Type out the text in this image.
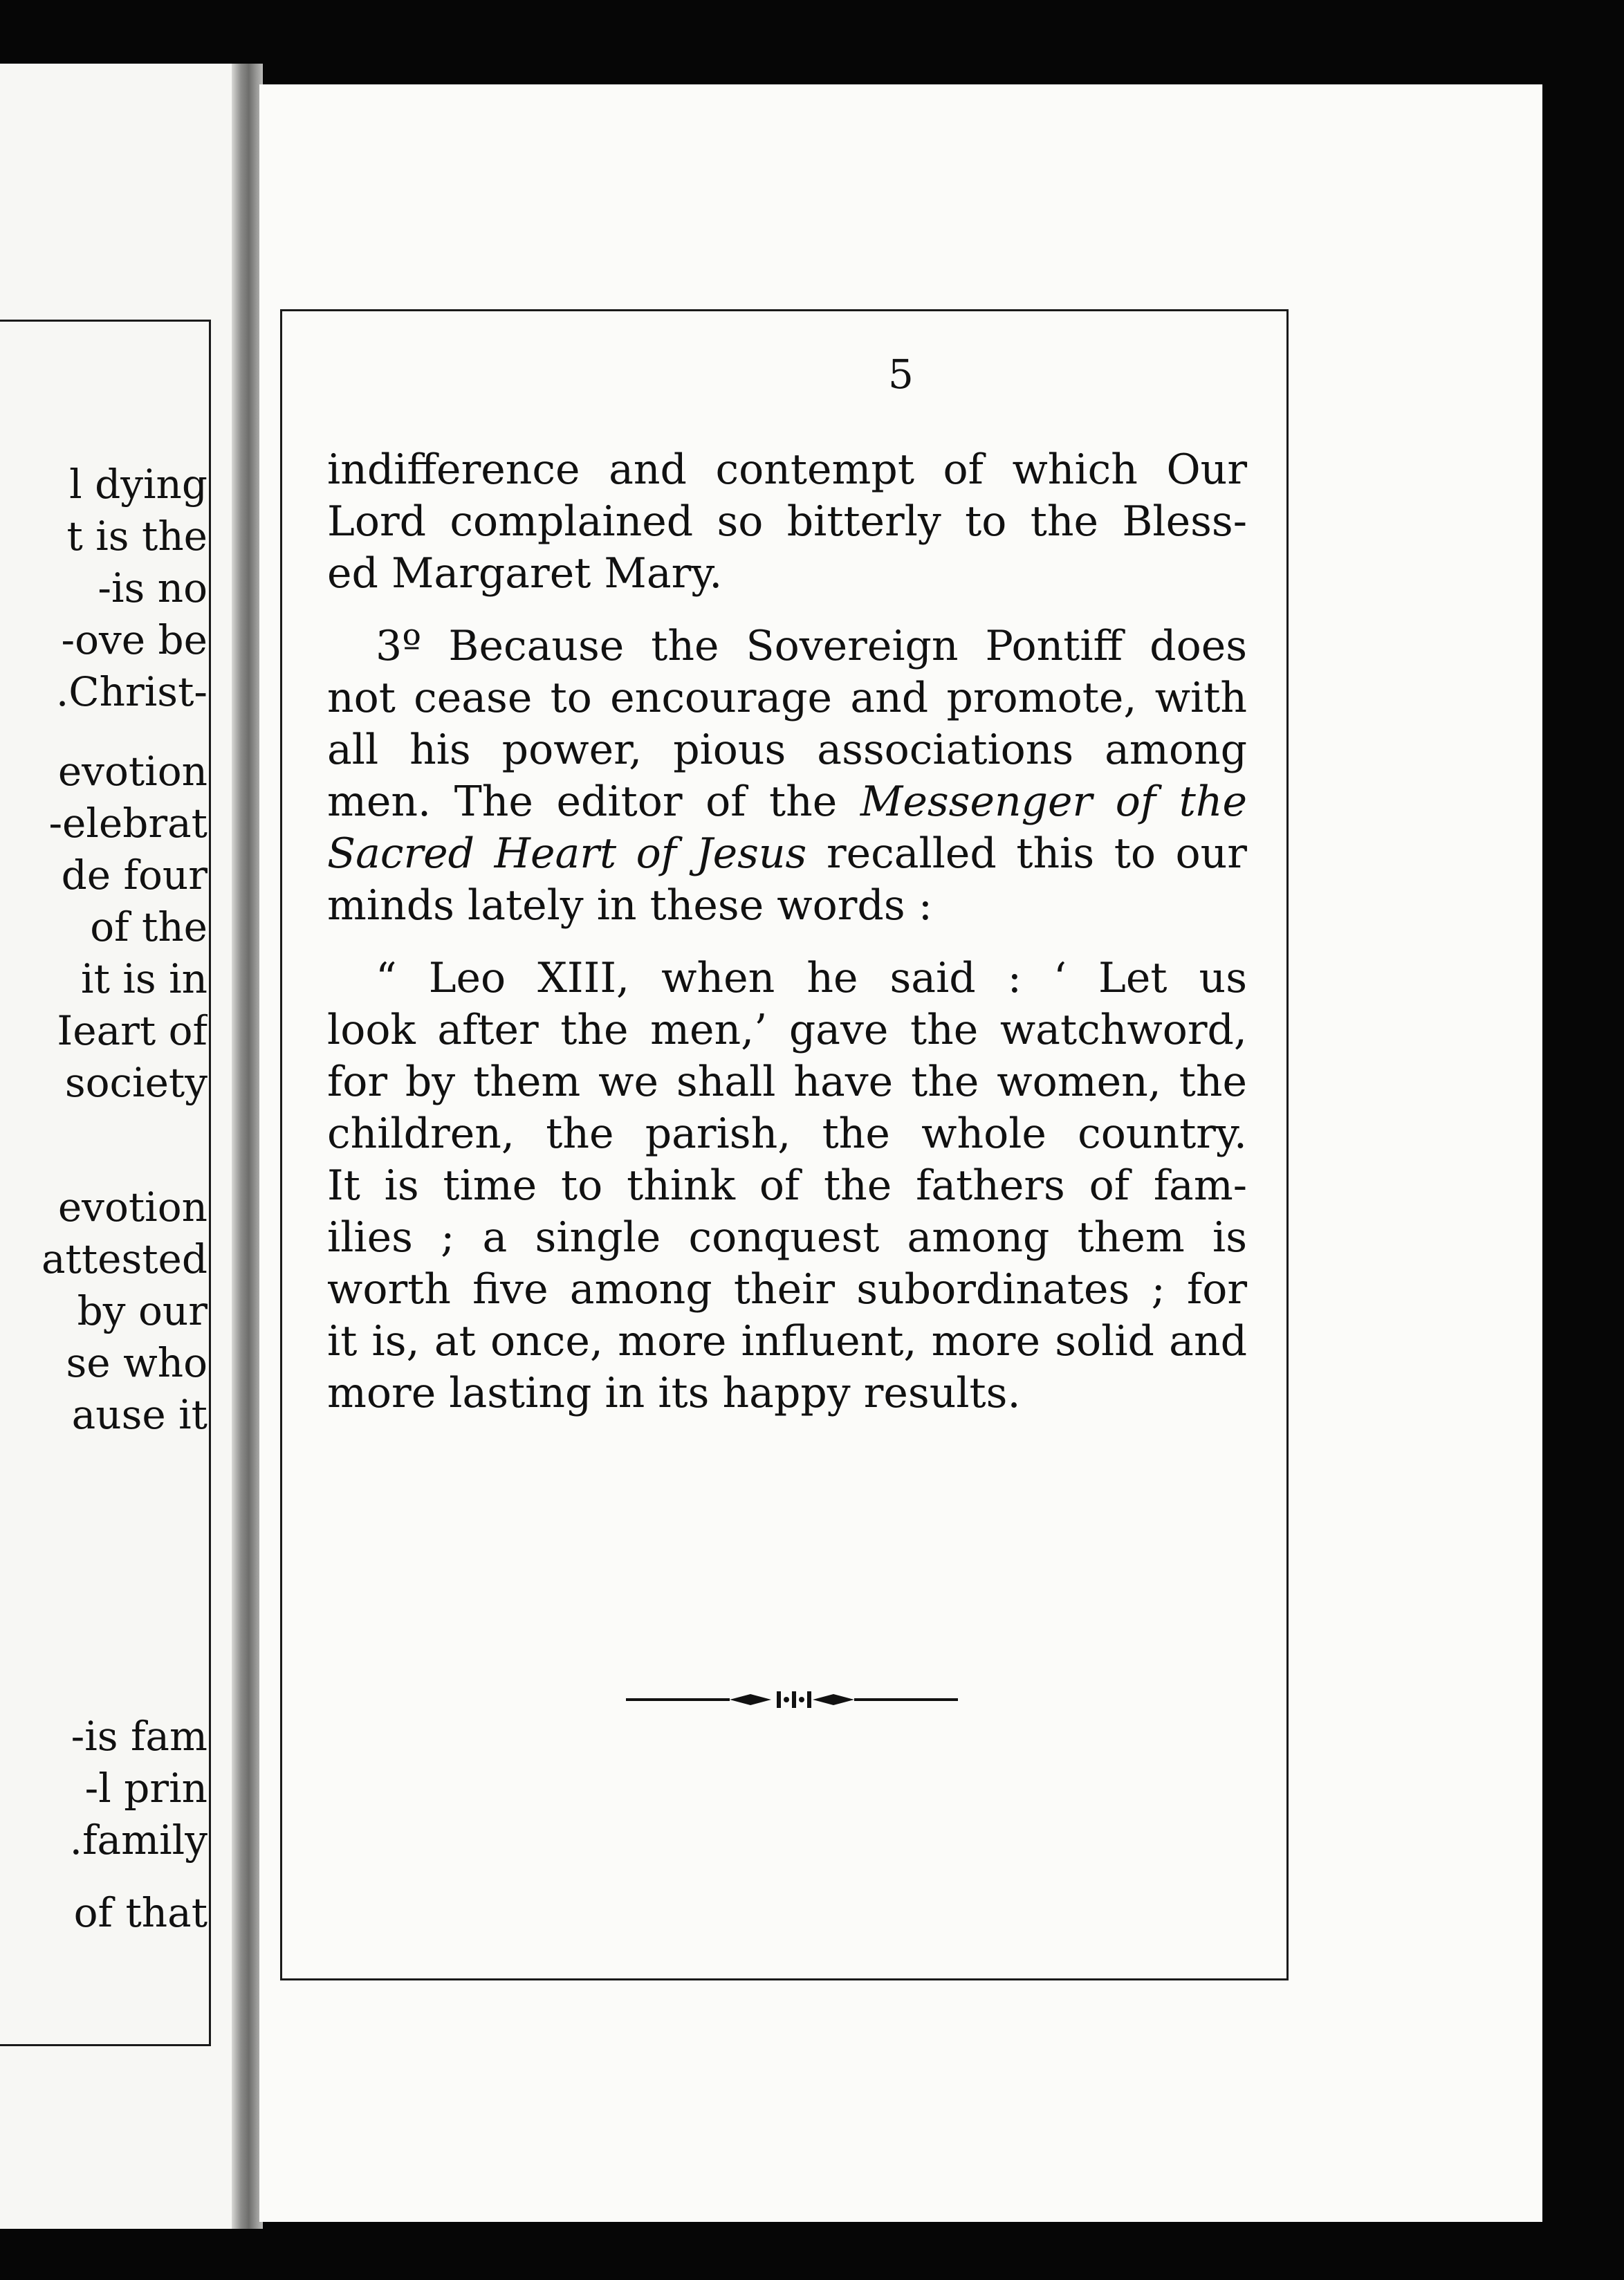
l dying
t is the
is no-
ove be-
-Christ.
evotion
elebrat-
de four
of the
it is in
Ieart of
society
evotion
attested
by our
se who
ause it
is fam-
l prin-
family.
of that
5
indifference and contempt of which Our
Lord complained so bitterly to the Bless-
ed Margaret Mary.
3º Because the Sovereign Pontiff does
not cease to encourage and promote, with
all his power, pious associations among
men. The editor of the Messenger of the
Sacred Heart of Jesus recalled this to our
minds lately in these words :
“ Leo XIII, when he said : ‘ Let us
look after the men,’ gave the watchword,
for by them we shall have the women, the
children, the parish, the whole country.
It is time to think of the fathers of fam-
ilies ; a single conquest among them is
worth five among their subordinates ; for
it is, at once, more influent, more solid and
more lasting in its happy results.
